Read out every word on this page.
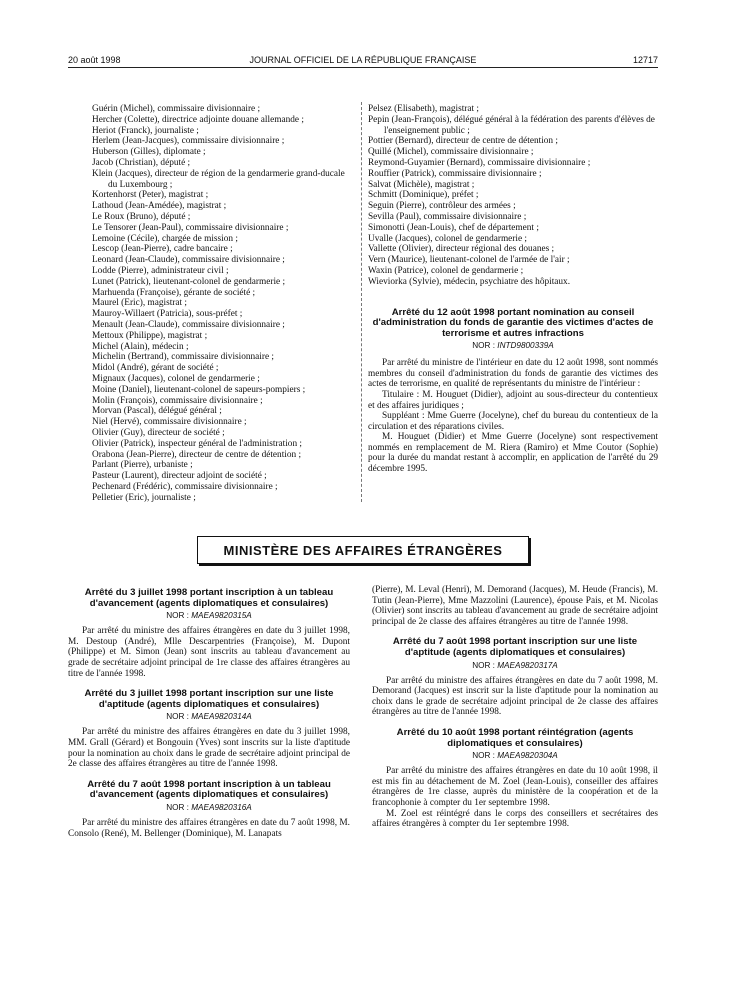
20 août 1998	JOURNAL OFFICIEL DE LA RÉPUBLIQUE FRANÇAISE	12717

Guérin (Michel), commissaire divisionnaire ;

Hercher (Colette), directrice adjointe douane allemande ;

Heriot (Franck), journaliste ;

Herlem (Jean-Jacques), commissaire divisionnaire ;

Huberson (Gilles), diplomate ;

Jacob (Christian), député ;

Klein (Jacques), directeur de région de la gendarmerie grand-ducale du Luxembourg ;

Kortenhorst (Peter), magistrat ;

Lathoud (Jean-Amédée), magistrat ;

Le Roux (Bruno), député ;

Le Tensorer (Jean-Paul), commissaire divisionnaire ;

Lemoine (Cécile), chargée de mission ;

Lescop (Jean-Pierre), cadre bancaire ;

Leonard (Jean-Claude), commissaire divisionnaire ;

Lodde (Pierre), administrateur civil ;

Lunet (Patrick), lieutenant-colonel de gendarmerie ;

Marhuenda (Françoise), gérante de société ;

Maurel (Eric), magistrat ;

Mauroy-Willaert (Patricia), sous-préfet ;

Menault (Jean-Claude), commissaire divisionnaire ;

Mettoux (Philippe), magistrat ;

Michel (Alain), médecin ;

Michelin (Bertrand), commissaire divisionnaire ;

Midol (André), gérant de société ;

Mignaux (Jacques), colonel de gendarmerie ;

Moine (Daniel), lieutenant-colonel de sapeurs-pompiers ;

Molin (François), commissaire divisionnaire ;

Morvan (Pascal), délégué général ;

Niel (Hervé), commissaire divisionnaire ;

Olivier (Guy), directeur de société ;

Olivier (Patrick), inspecteur général de l'administration ;

Orabona (Jean-Pierre), directeur de centre de détention ;

Parlant (Pierre), urbaniste ;

Pasteur (Laurent), directeur adjoint de société ;

Pechenard (Frédéric), commissaire divisionnaire ;

Pelletier (Eric), journaliste ;

Pelsez (Elisabeth), magistrat ;

Pepin (Jean-François), délégué général à la fédération des parents d'élèves de l'enseignement public ;

Pottier (Bernard), directeur de centre de détention ;

Quillé (Michel), commissaire divisionnaire ;

Reymond-Guyamier (Bernard), commissaire divisionnaire ;

Rouffier (Patrick), commissaire divisionnaire ;

Salvat (Michèle), magistrat ;

Schmitt (Dominique), préfet ;

Seguin (Pierre), contrôleur des armées ;

Sevilla (Paul), commissaire divisionnaire ;

Simonotti (Jean-Louis), chef de département ;

Uvalle (Jacques), colonel de gendarmerie ;

Vallette (Olivier), directeur régional des douanes ;

Vern (Maurice), lieutenant-colonel de l'armée de l'air ;

Waxin (Patrice), colonel de gendarmerie ;

Wieviorka (Sylvie), médecin, psychiatre des hôpitaux.

Arrêté du 12 août 1998 portant nomination au conseil d'administration du fonds de garantie des victimes d'actes de terrorisme et autres infractions

NOR : INTD9800339A

Par arrêté du ministre de l'intérieur en date du 12 août 1998, sont nommés membres du conseil d'administration du fonds de garantie des victimes des actes de terrorisme, en qualité de représentants du ministre de l'intérieur :

Titulaire : M. Houguet (Didier), adjoint au sous-directeur du contentieux et des affaires juridiques ;

Suppléant : Mme Guerre (Jocelyne), chef du bureau du contentieux de la circulation et des réparations civiles.

M. Houguet (Didier) et Mme Guerre (Jocelyne) sont respectivement nommés en remplacement de M. Riera (Ramiro) et Mme Coutor (Sophie) pour la durée du mandat restant à accomplir, en application de l'arrêté du 29 décembre 1995.

MINISTÈRE DES AFFAIRES ÉTRANGÈRES

Arrêté du 3 juillet 1998 portant inscription à un tableau d'avancement (agents diplomatiques et consulaires)

NOR : MAEA9820315A

Par arrêté du ministre des affaires étrangères en date du 3 juillet 1998, M. Destoup (André), Mlle Descarpentries (Françoise), M. Dupont (Philippe) et M. Simon (Jean) sont inscrits au tableau d'avancement au grade de secrétaire adjoint principal de 1re classe des affaires étrangères au titre de l'année 1998.

Arrêté du 3 juillet 1998 portant inscription sur une liste d'aptitude (agents diplomatiques et consulaires)

NOR : MAEA9820314A

Par arrêté du ministre des affaires étrangères en date du 3 juillet 1998, MM. Grall (Gérard) et Bongouin (Yves) sont inscrits sur la liste d'aptitude pour la nomination au choix dans le grade de secrétaire adjoint principal de 2e classe des affaires étrangères au titre de l'année 1998.

Arrêté du 7 août 1998 portant inscription à un tableau d'avancement (agents diplomatiques et consulaires)

NOR : MAEA9820316A

Par arrêté du ministre des affaires étrangères en date du 7 août 1998, M. Consolo (René), M. Bellenger (Dominique), M. Lanapats

(Pierre), M. Leval (Henri), M. Demorand (Jacques), M. Heude (Francis), M. Tutin (Jean-Pierre), Mme Mazzolini (Laurence), épouse Pais, et M. Nicolas (Olivier) sont inscrits au tableau d'avancement au grade de secrétaire adjoint principal de 2e classe des affaires étrangères au titre de l'année 1998.

Arrêté du 7 août 1998 portant inscription sur une liste d'aptitude (agents diplomatiques et consulaires)

NOR : MAEA9820317A

Par arrêté du ministre des affaires étrangères en date du 7 août 1998, M. Demorand (Jacques) est inscrit sur la liste d'aptitude pour la nomination au choix dans le grade de secrétaire adjoint principal de 2e classe des affaires étrangères au titre de l'année 1998.

Arrêté du 10 août 1998 portant réintégration (agents diplomatiques et consulaires)

NOR : MAEA9820304A

Par arrêté du ministre des affaires étrangères en date du 10 août 1998, il est mis fin au détachement de M. Zoel (Jean-Louis), conseiller des affaires étrangères de 1re classe, auprès du ministère de la coopération et de la francophonie à compter du 1er septembre 1998.

M. Zoel est réintégré dans le corps des conseillers et secrétaires des affaires étrangères à compter du 1er septembre 1998.
